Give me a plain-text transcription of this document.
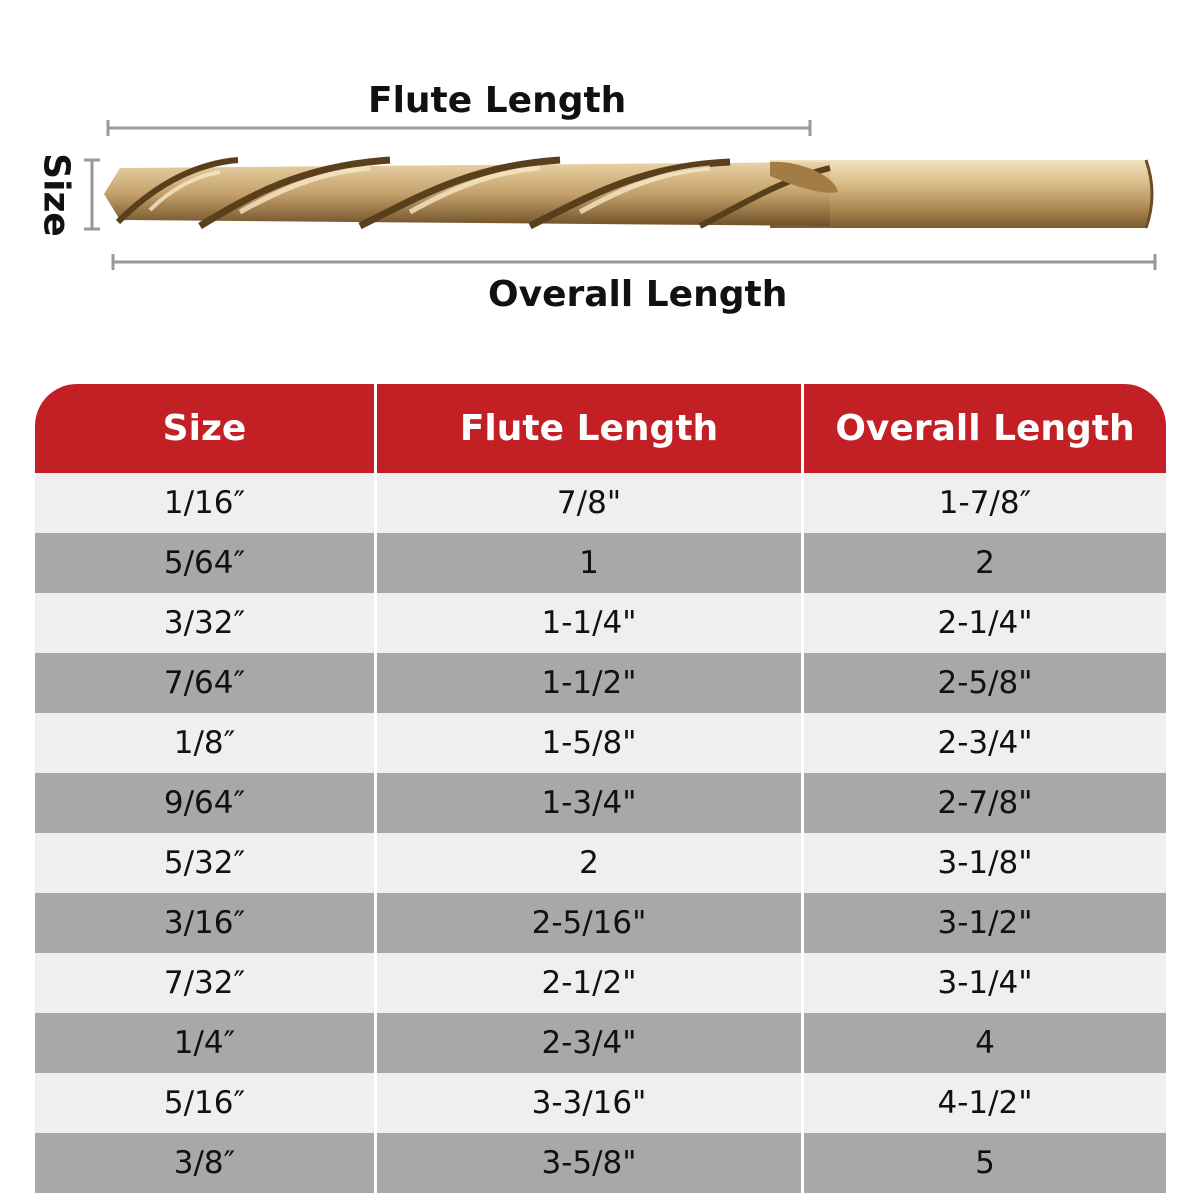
Flute Length
Size
Overall Length
Size	Flute Length	Overall Length
1/16″	7/8"	1-7/8″
5/64″	1	2
3/32″	1-1/4"	2-1/4"
7/64″	1-1/2"	2-5/8"
1/8″	1-5/8"	2-3/4"
9/64″	1-3/4"	2-7/8"
5/32″	2	3-1/8"
3/16″	2-5/16"	3-1/2"
7/32″	2-1/2"	3-1/4"
1/4″	2-3/4"	4
5/16″	3-3/16"	4-1/2"
3/8″	3-5/8"	5
